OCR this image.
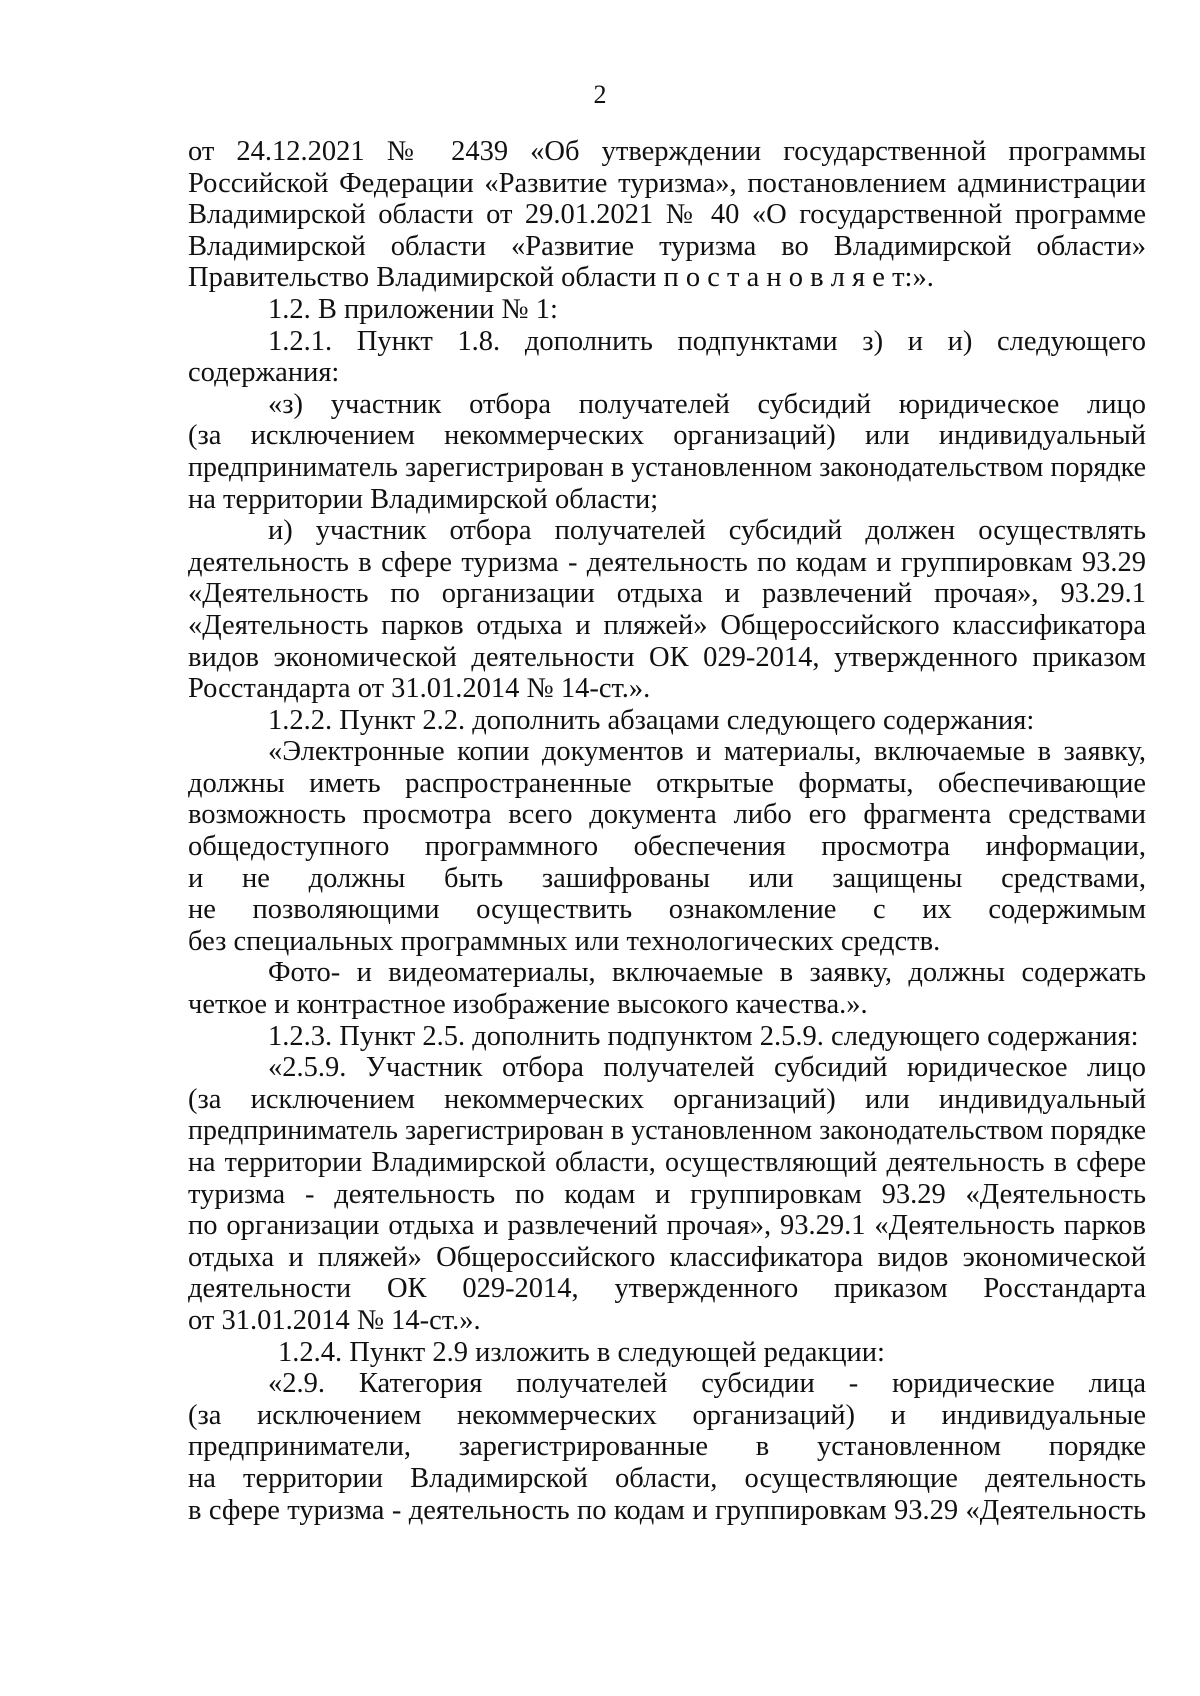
2
от 24.12.2021 № 2439 «Об утверждении государственной программы
Российской Федерации «Развитие туризма», постановлением администрации
Владимирской области от 29.01.2021 № 40 «О государственной программе
Владимирской области «Развитие туризма во Владимирской области»
Правительство Владимирской области п о с т а н о в л я е т:».
1.2. В приложении № 1:
1.2.1. Пункт 1.8. дополнить подпунктами з) и и) следующего
содержания:
«з) участник отбора получателей субсидий юридическое лицо
(за исключением некоммерческих организаций) или индивидуальный
предприниматель зарегистрирован в установленном законодательством порядке
на территории Владимирской области;
и) участник отбора получателей субсидий должен осуществлять
деятельность в сфере туризма - деятельность по кодам и группировкам 93.29
«Деятельность по организации отдыха и развлечений прочая», 93.29.1
«Деятельность парков отдыха и пляжей» Общероссийского классификатора
видов экономической деятельности ОК 029-2014, утвержденного приказом
Росстандарта от 31.01.2014 № 14-ст.».
1.2.2. Пункт 2.2. дополнить абзацами следующего содержания:
«Электронные копии документов и материалы, включаемые в заявку,
должны иметь распространенные открытые форматы, обеспечивающие
возможность просмотра всего документа либо его фрагмента средствами
общедоступного программного обеспечения просмотра информации,
и не должны быть зашифрованы или защищены средствами,
не позволяющими осуществить ознакомление с их содержимым
без специальных программных или технологических средств.
Фото- и видеоматериалы, включаемые в заявку, должны содержать
четкое и контрастное изображение высокого качества.».
1.2.3. Пункт 2.5. дополнить подпунктом 2.5.9. следующего содержания:
«2.5.9. Участник отбора получателей субсидий юридическое лицо
(за исключением некоммерческих организаций) или индивидуальный
предприниматель зарегистрирован в установленном законодательством порядке
на территории Владимирской области, осуществляющий деятельность в сфере
туризма - деятельность по кодам и группировкам 93.29 «Деятельность
по организации отдыха и развлечений прочая», 93.29.1 «Деятельность парков
отдыха и пляжей» Общероссийского классификатора видов экономической
деятельности ОК 029-2014, утвержденного приказом Росстандарта
от 31.01.2014 № 14-ст.».
1.2.4. Пункт 2.9 изложить в следующей редакции:
«2.9. Категория получателей субсидии - юридические лица
(за исключением некоммерческих организаций) и индивидуальные
предприниматели, зарегистрированные в установленном порядке
на территории Владимирской области, осуществляющие деятельность
в сфере туризма - деятельность по кодам и группировкам 93.29 «Деятельность
